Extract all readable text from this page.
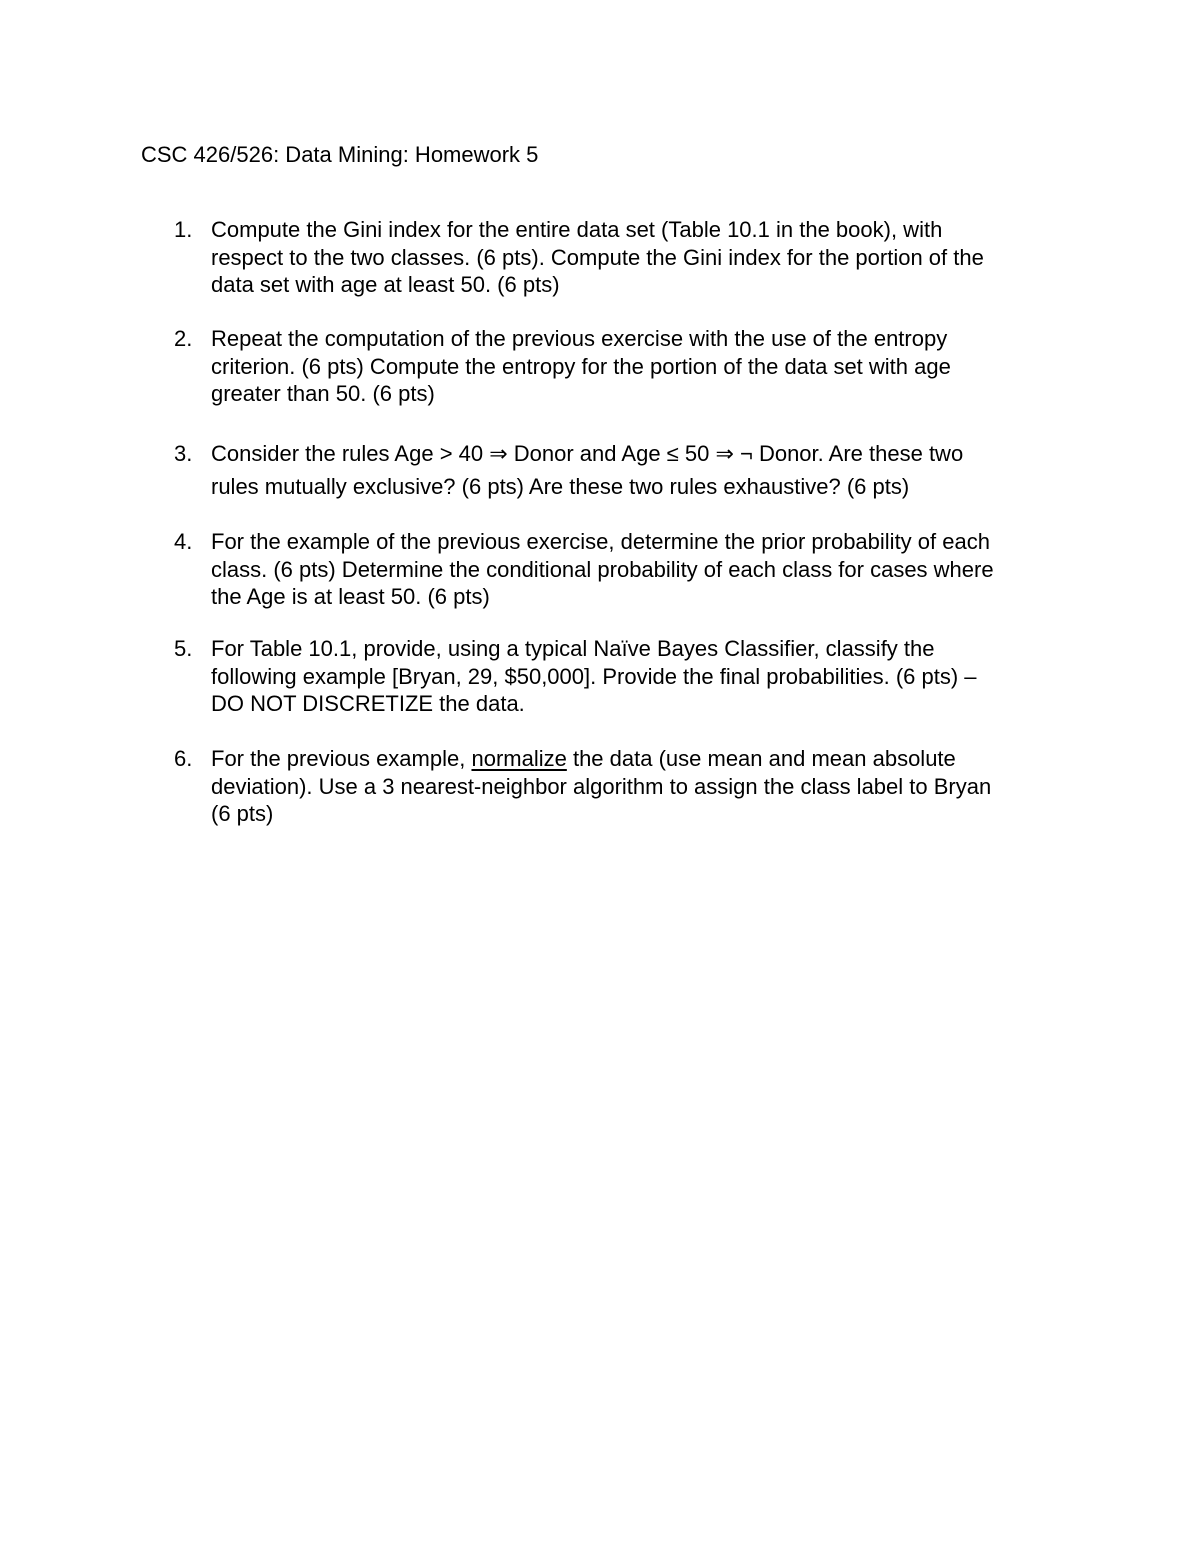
CSC 426/526: Data Mining: Homework 5
1. Compute the Gini index for the entire data set (Table 10.1 in the book), with
respect to the two classes. (6 pts). Compute the Gini index for the portion of the
data set with age at least 50. (6 pts)
2. Repeat the computation of the previous exercise with the use of the entropy
criterion. (6 pts) Compute the entropy for the portion of the data set with age
greater than 50. (6 pts)
3. Consider the rules Age > 40 ⇒ Donor and Age ≤ 50 ⇒ ¬ Donor. Are these two
rules mutually exclusive? (6 pts) Are these two rules exhaustive? (6 pts)
4. For the example of the previous exercise, determine the prior probability of each
class. (6 pts) Determine the conditional probability of each class for cases where
the Age is at least 50. (6 pts)
5. For Table 10.1, provide, using a typical Naïve Bayes Classifier, classify the
following example [Bryan, 29, $50,000]. Provide the final probabilities. (6 pts) –
DO NOT DISCRETIZE the data.
6. For the previous example, normalize the data (use mean and mean absolute
deviation). Use a 3 nearest-neighbor algorithm to assign the class label to Bryan
(6 pts)
